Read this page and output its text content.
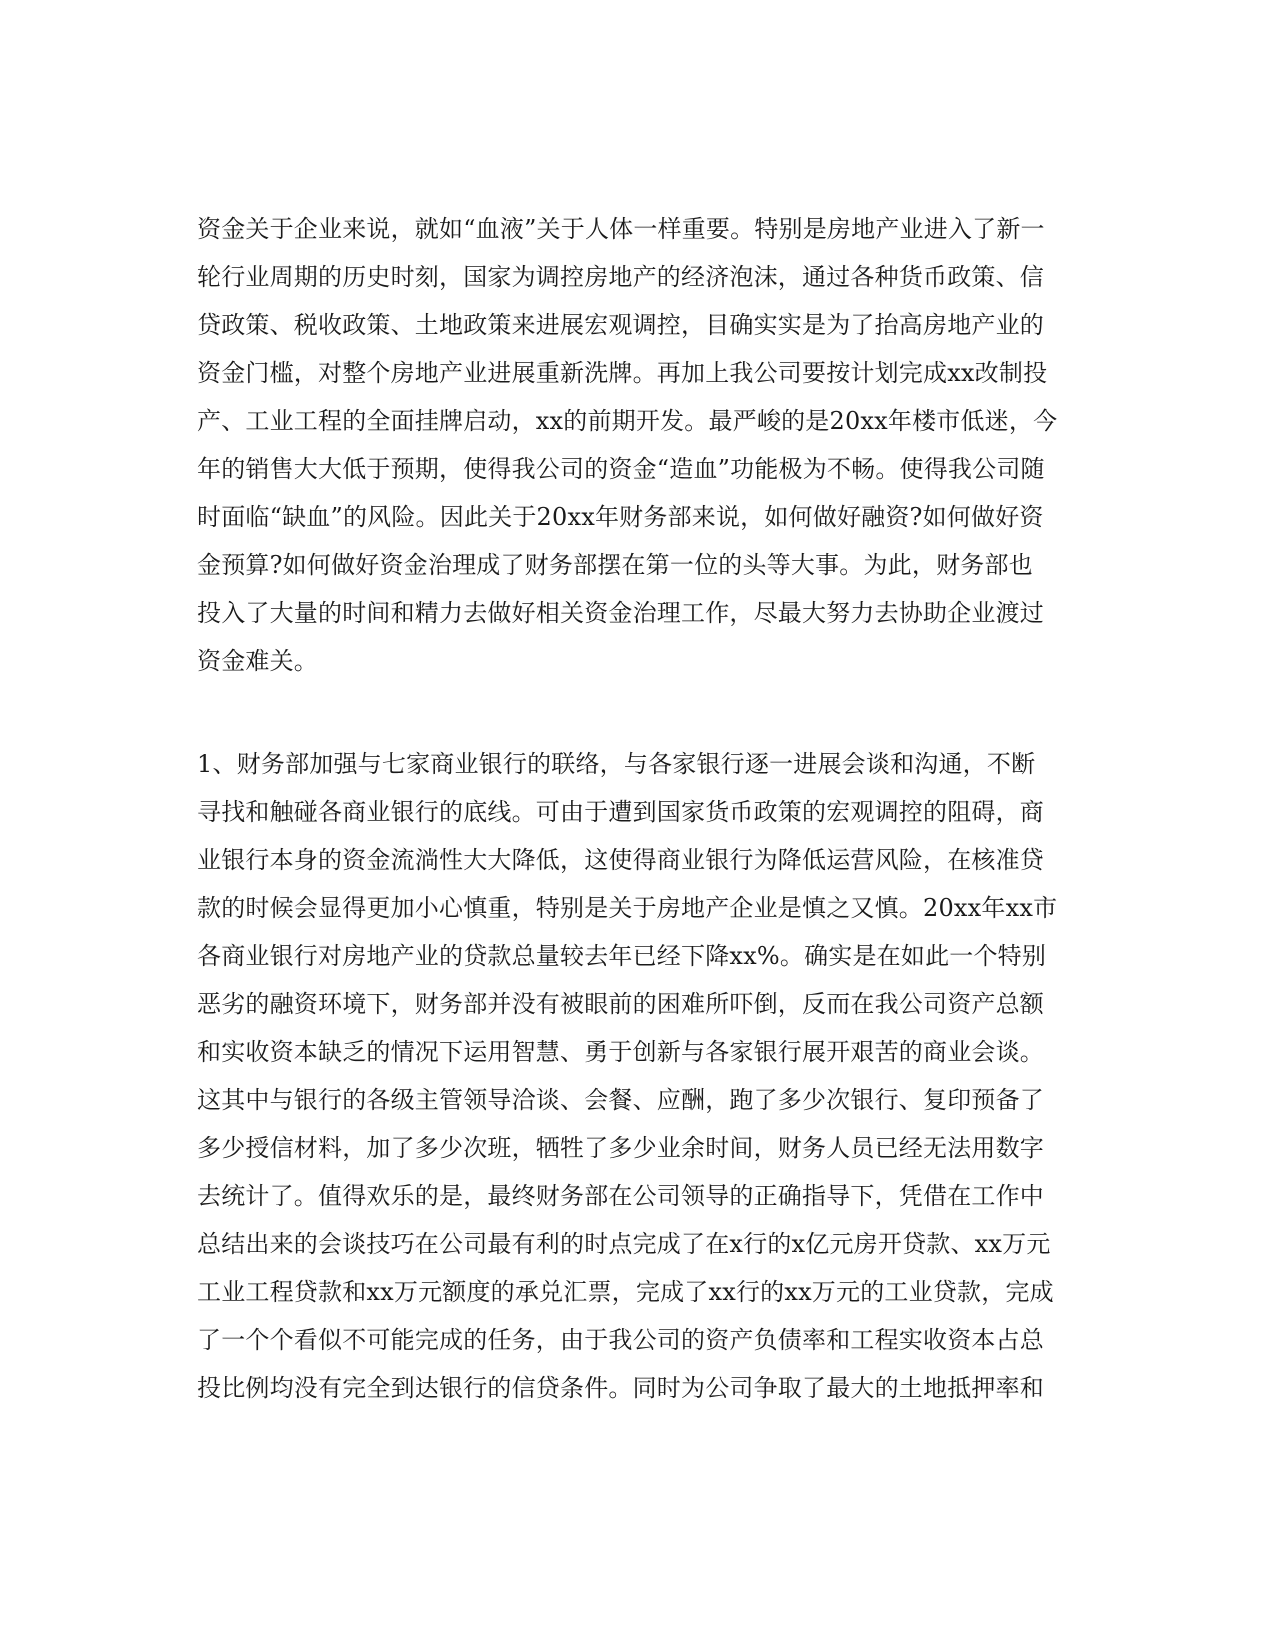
资金关于企业来说，就如“血液”关于人体一样重要。特别是房地产业进入了新一
轮行业周期的历史时刻，国家为调控房地产的经济泡沫，通过各种货币政策、信
贷政策、税收政策、土地政策来进展宏观调控，目确实实是为了抬高房地产业的
资金门槛，对整个房地产业进展重新洗牌。再加上我公司要按计划完成xx改制投
产、工业工程的全面挂牌启动，xx的前期开发。最严峻的是20xx年楼市低迷，今
年的销售大大低于预期，使得我公司的资金“造血”功能极为不畅。使得我公司随
时面临“缺血”的风险。因此关于20xx年财务部来说，如何做好融资?如何做好资
金预算?如何做好资金治理成了财务部摆在第一位的头等大事。为此，财务部也
投入了大量的时间和精力去做好相关资金治理工作，尽最大努力去协助企业渡过
资金难关。
1、财务部加强与七家商业银行的联络，与各家银行逐一进展会谈和沟通，不断
寻找和触碰各商业银行的底线。可由于遭到国家货币政策的宏观调控的阻碍，商
业银行本身的资金流淌性大大降低，这使得商业银行为降低运营风险，在核准贷
款的时候会显得更加小心慎重，特别是关于房地产企业是慎之又慎。20xx年xx市
各商业银行对房地产业的贷款总量较去年已经下降xx%。确实是在如此一个特别
恶劣的融资环境下，财务部并没有被眼前的困难所吓倒，反而在我公司资产总额
和实收资本缺乏的情况下运用智慧、勇于创新与各家银行展开艰苦的商业会谈。
这其中与银行的各级主管领导洽谈、会餐、应酬，跑了多少次银行、复印预备了
多少授信材料，加了多少次班，牺牲了多少业余时间，财务人员已经无法用数字
去统计了。值得欢乐的是，最终财务部在公司领导的正确指导下，凭借在工作中
总结出来的会谈技巧在公司最有利的时点完成了在x行的x亿元房开贷款、xx万元
工业工程贷款和xx万元额度的承兑汇票，完成了xx行的xx万元的工业贷款，完成
了一个个看似不可能完成的任务，由于我公司的资产负债率和工程实收资本占总
投比例均没有完全到达银行的信贷条件。同时为公司争取了最大的土地抵押率和
